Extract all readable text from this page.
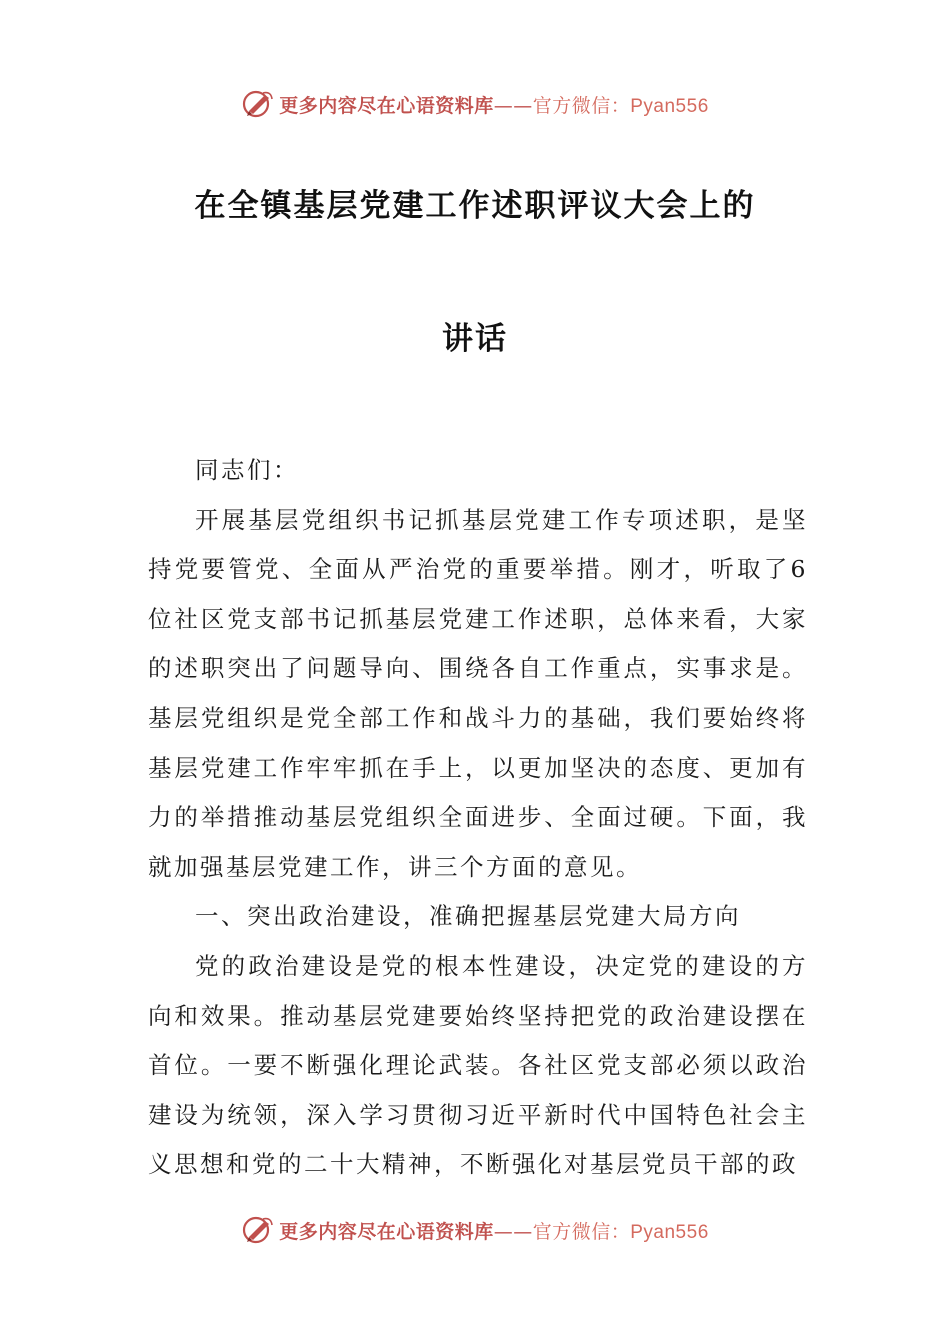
更多内容尽在心语资料库——官方微信：Pyan556
在全镇基层党建工作述职评议大会上的
讲话

同志们：

开展基层党组织书记抓基层党建工作专项述职，是坚持党要管党、全面从严治党的重要举措。刚才，听取了6位社区党支部书记抓基层党建工作述职，总体来看，大家的述职突出了问题导向、围绕各自工作重点，实事求是。基层党组织是党全部工作和战斗力的基础，我们要始终将基层党建工作牢牢抓在手上，以更加坚决的态度、更加有力的举措推动基层党组织全面进步、全面过硬。下面，我就加强基层党建工作，讲三个方面的意见。

一、突出政治建设，准确把握基层党建大局方向

党的政治建设是党的根本性建设，决定党的建设的方向和效果。推动基层党建要始终坚持把党的政治建设摆在首位。一要不断强化理论武装。各社区党支部必须以政治建设为统领，深入学习贯彻习近平新时代中国特色社会主义思想和党的二十大精神，不断强化对基层党员干部的政

更多内容尽在心语资料库——官方微信：Pyan556
